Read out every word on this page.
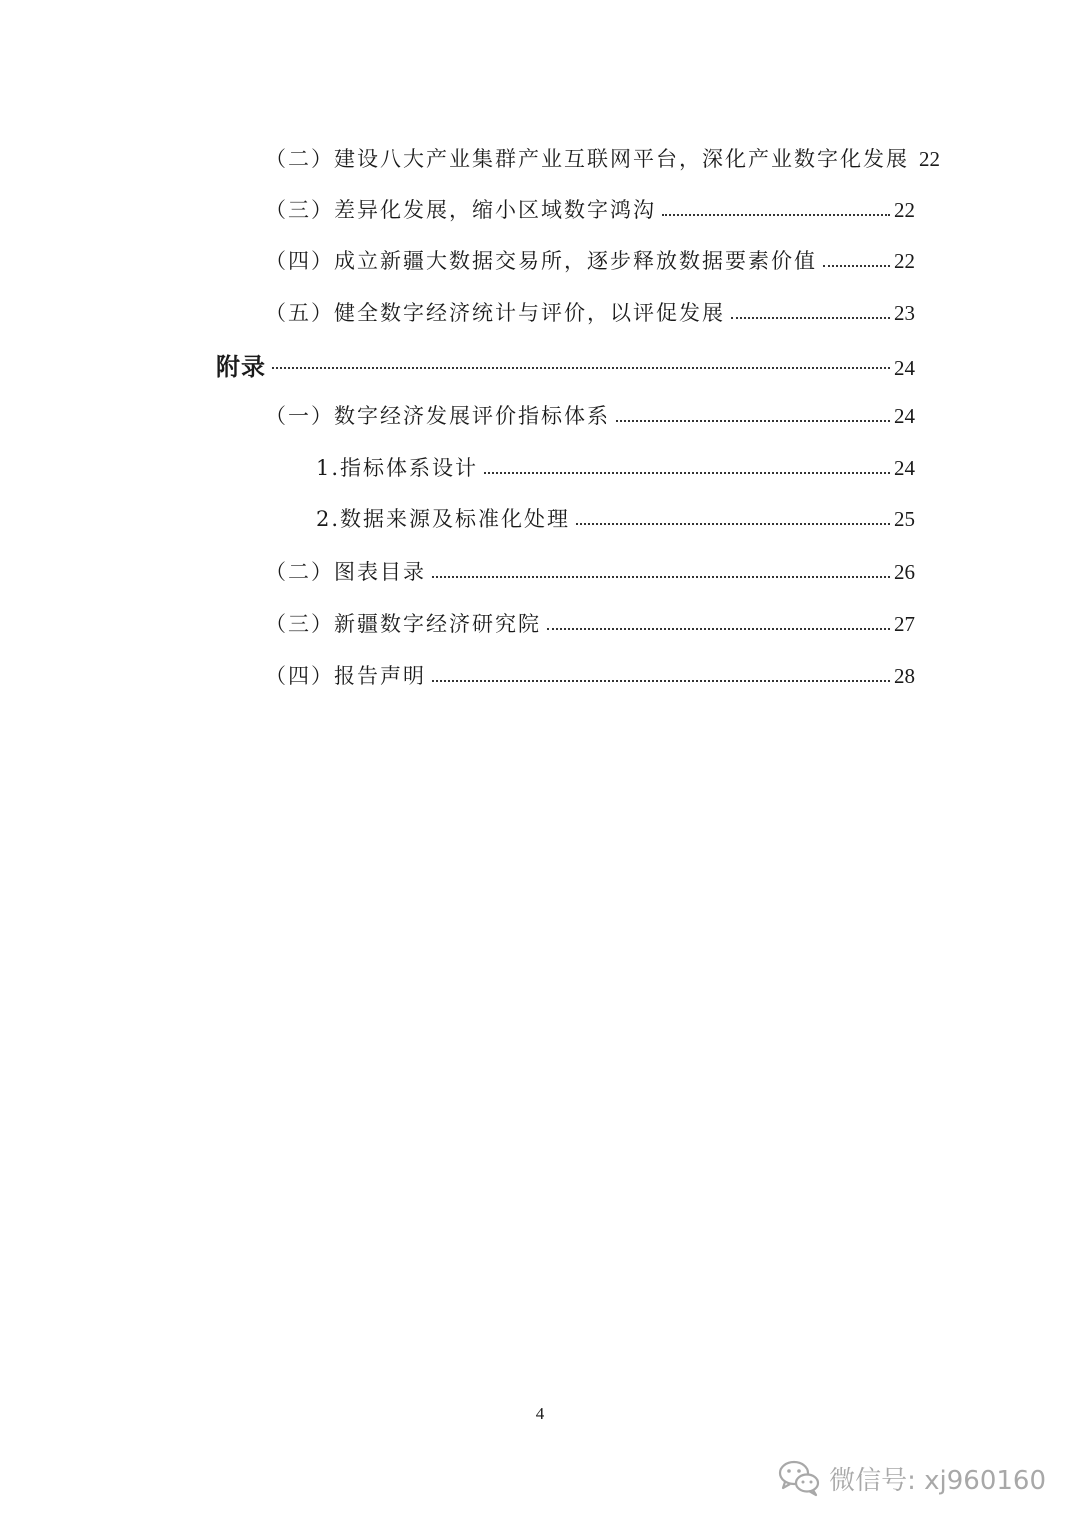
（二）建设八大产业集群产业互联网平台，深化产业数字化发展 22
（三）差异化发展，缩小区域数字鸿沟	22
（四）成立新疆大数据交易所，逐步释放数据要素价值	22
（五）健全数字经济统计与评价，以评促发展	23
附录	24
（一）数字经济发展评价指标体系	24
1.指标体系设计	24
2.数据来源及标准化处理	25
（二）图表目录	26
（三）新疆数字经济研究院	27
（四）报告声明	28
4
微信号: xj960160
